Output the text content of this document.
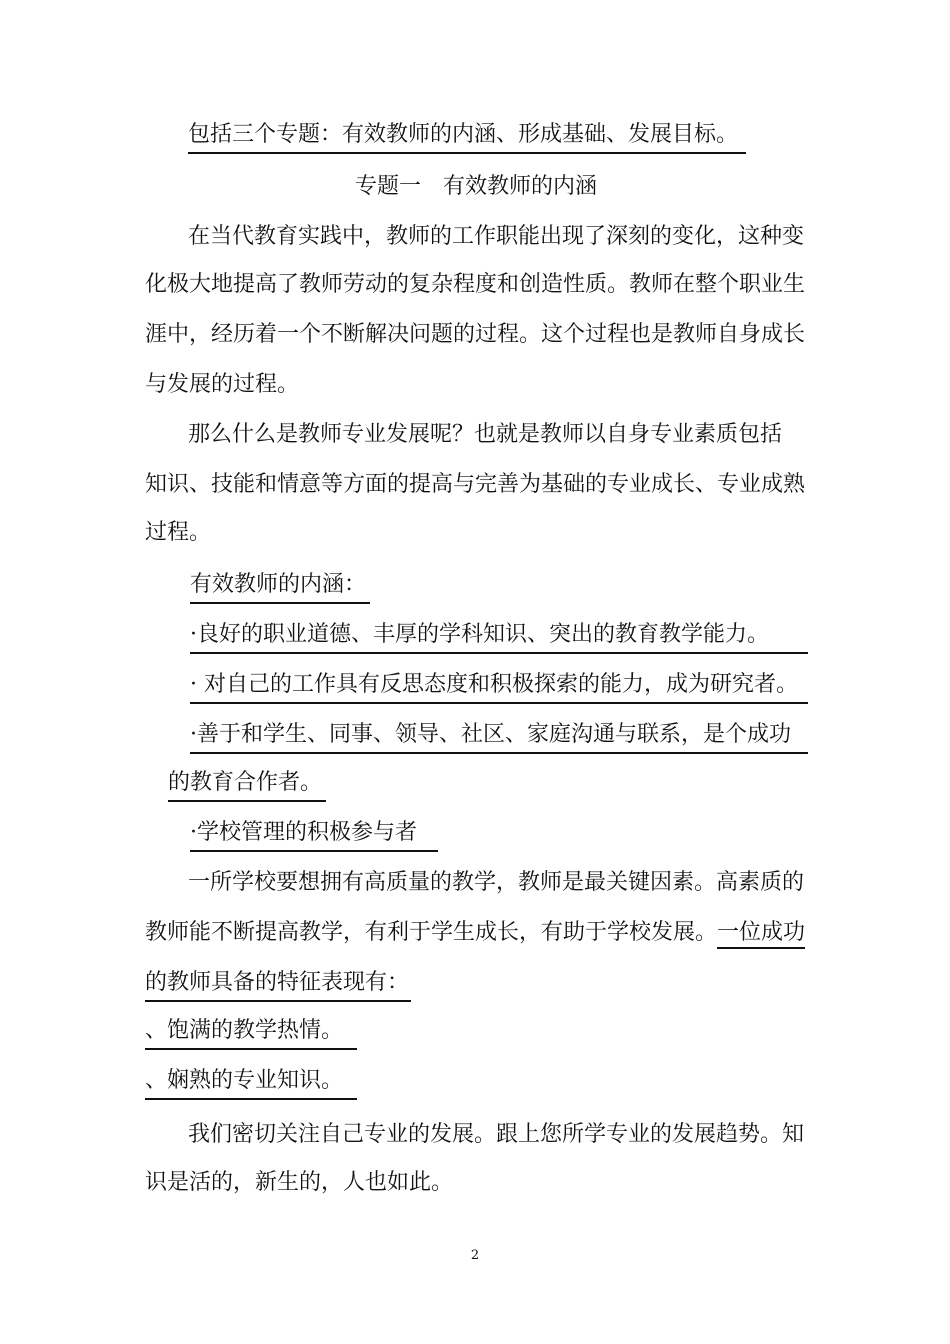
包括三个专题：有效教师的内涵、形成基础、发展目标。
专题一　有效教师的内涵
在当代教育实践中，教师的工作职能出现了深刻的变化，这种变
化极大地提高了教师劳动的复杂程度和创造性质。教师在整个职业生
涯中，经历着一个不断解决问题的过程。这个过程也是教师自身成长
与发展的过程。
那么什么是教师专业发展呢？也就是教师以自身专业素质包括
知识、技能和情意等方面的提高与完善为基础的专业成长、专业成熟
过程。
有效教师的内涵：
·良好的职业道德、丰厚的学科知识、突出的教育教学能力。
· 对自己的工作具有反思态度和积极探索的能力，成为研究者。
·善于和学生、同事、领导、社区、家庭沟通与联系，是个成功
的教育合作者。
·学校管理的积极参与者
一所学校要想拥有高质量的教学，教师是最关键因素。高素质的
教师能不断提高教学，有利于学生成长，有助于学校发展。一位成功
的教师具备的特征表现有：
、饱满的教学热情。
、娴熟的专业知识。
我们密切关注自己专业的发展。跟上您所学专业的发展趋势。知
识是活的，新生的，人也如此。
2
